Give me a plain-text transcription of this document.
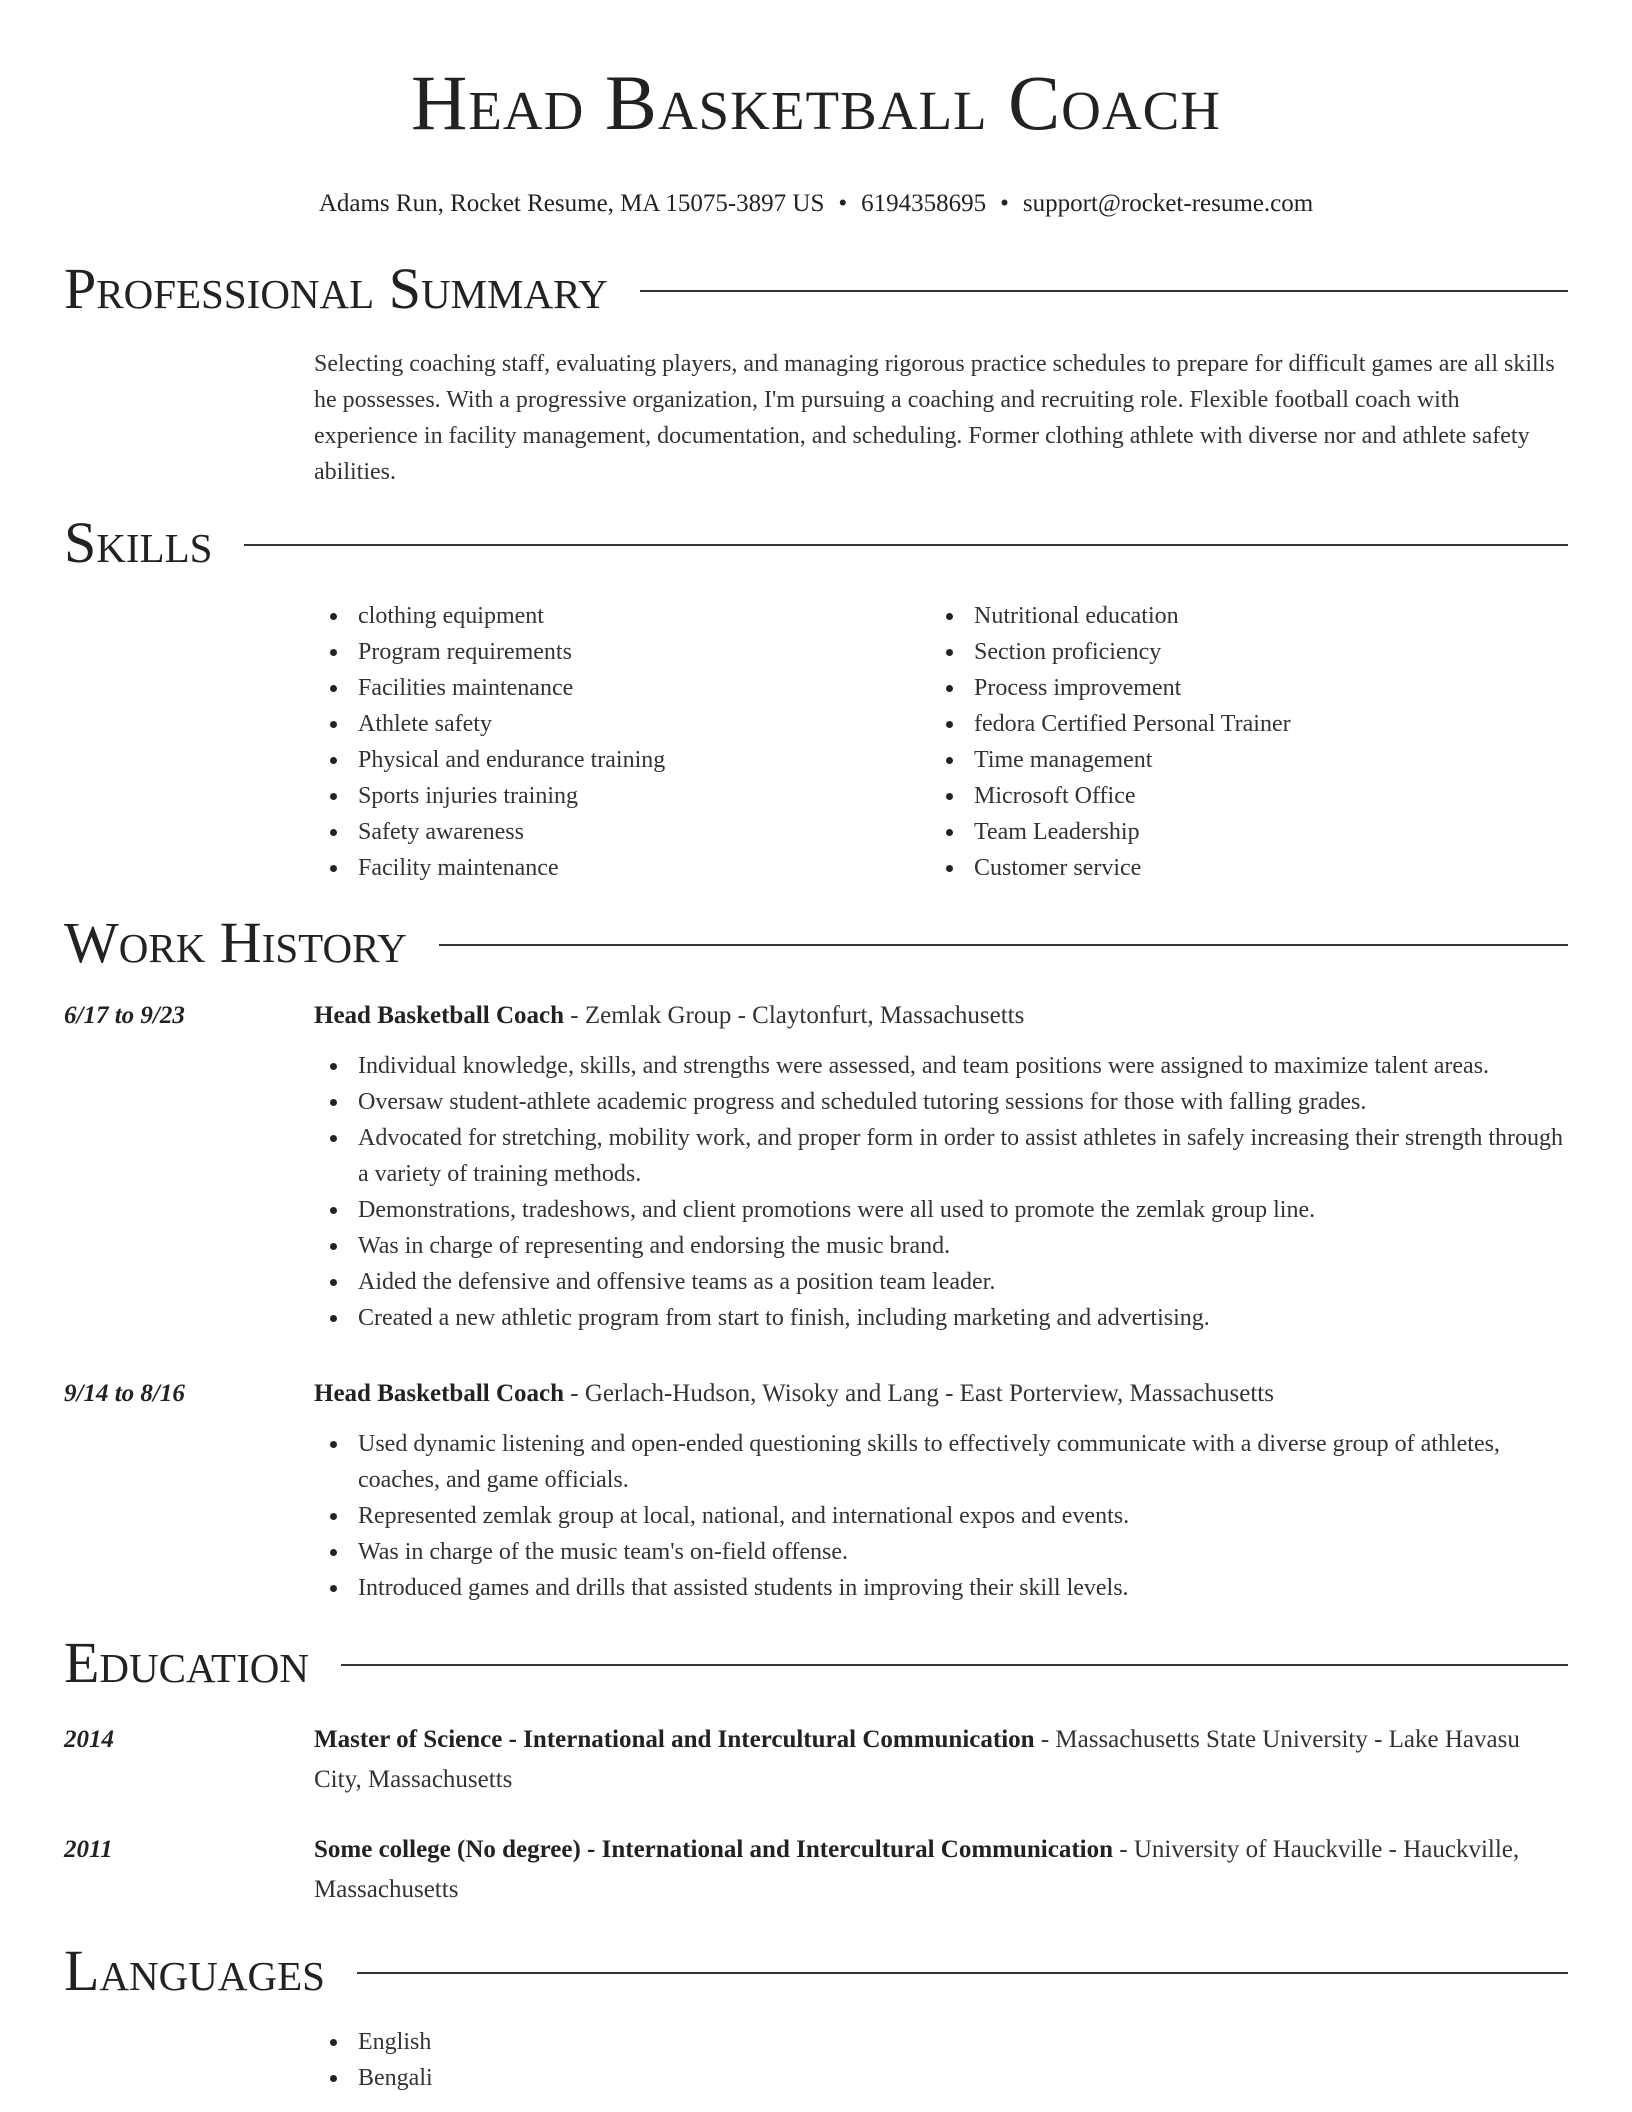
Head Basketball Coach
Adams Run, Rocket Resume, MA 15075-3897 US • 6194358695 • support@rocket-resume.com
Professional Summary

Selecting coaching staff, evaluating players, and managing rigorous practice schedules to prepare for difficult games are all skills he possesses. With a progressive organization, I'm pursuing a coaching and recruiting role. Flexible football coach with experience in facility management, documentation, and scheduling. Former clothing athlete with diverse nor and athlete safety abilities.

Skills
clothing equipment
Program requirements
Facilities maintenance
Athlete safety
Physical and endurance training
Sports injuries training
Safety awareness
Facility maintenance
Nutritional education
Section proficiency
Process improvement
fedora Certified Personal Trainer
Time management
Microsoft Office
Team Leadership
Customer service
Work History
6/17 to 9/23	Head Basketball Coach - Zemlak Group - Claytonfurt, Massachusetts
Individual knowledge, skills, and strengths were assessed, and team positions were assigned to maximize talent areas.
Oversaw student-athlete academic progress and scheduled tutoring sessions for those with falling grades.
Advocated for stretching, mobility work, and proper form in order to assist athletes in safely increasing their strength through a variety of training methods.
Demonstrations, tradeshows, and client promotions were all used to promote the zemlak group line.
Was in charge of representing and endorsing the music brand.
Aided the defensive and offensive teams as a position team leader.
Created a new athletic program from start to finish, including marketing and advertising.
9/14 to 8/16	Head Basketball Coach - Gerlach-Hudson, Wisoky and Lang - East Porterview, Massachusetts
Used dynamic listening and open-ended questioning skills to effectively communicate with a diverse group of athletes, coaches, and game officials.
Represented zemlak group at local, national, and international expos and events.
Was in charge of the music team's on-field offense.
Introduced games and drills that assisted students in improving their skill levels.
Education
2014	Master of Science - International and Intercultural Communication - Massachusetts State University - Lake Havasu City, Massachusetts
2011	Some college (No degree) - International and Intercultural Communication - University of Hauckville - Hauckville, Massachusetts
Languages
English
Bengali
